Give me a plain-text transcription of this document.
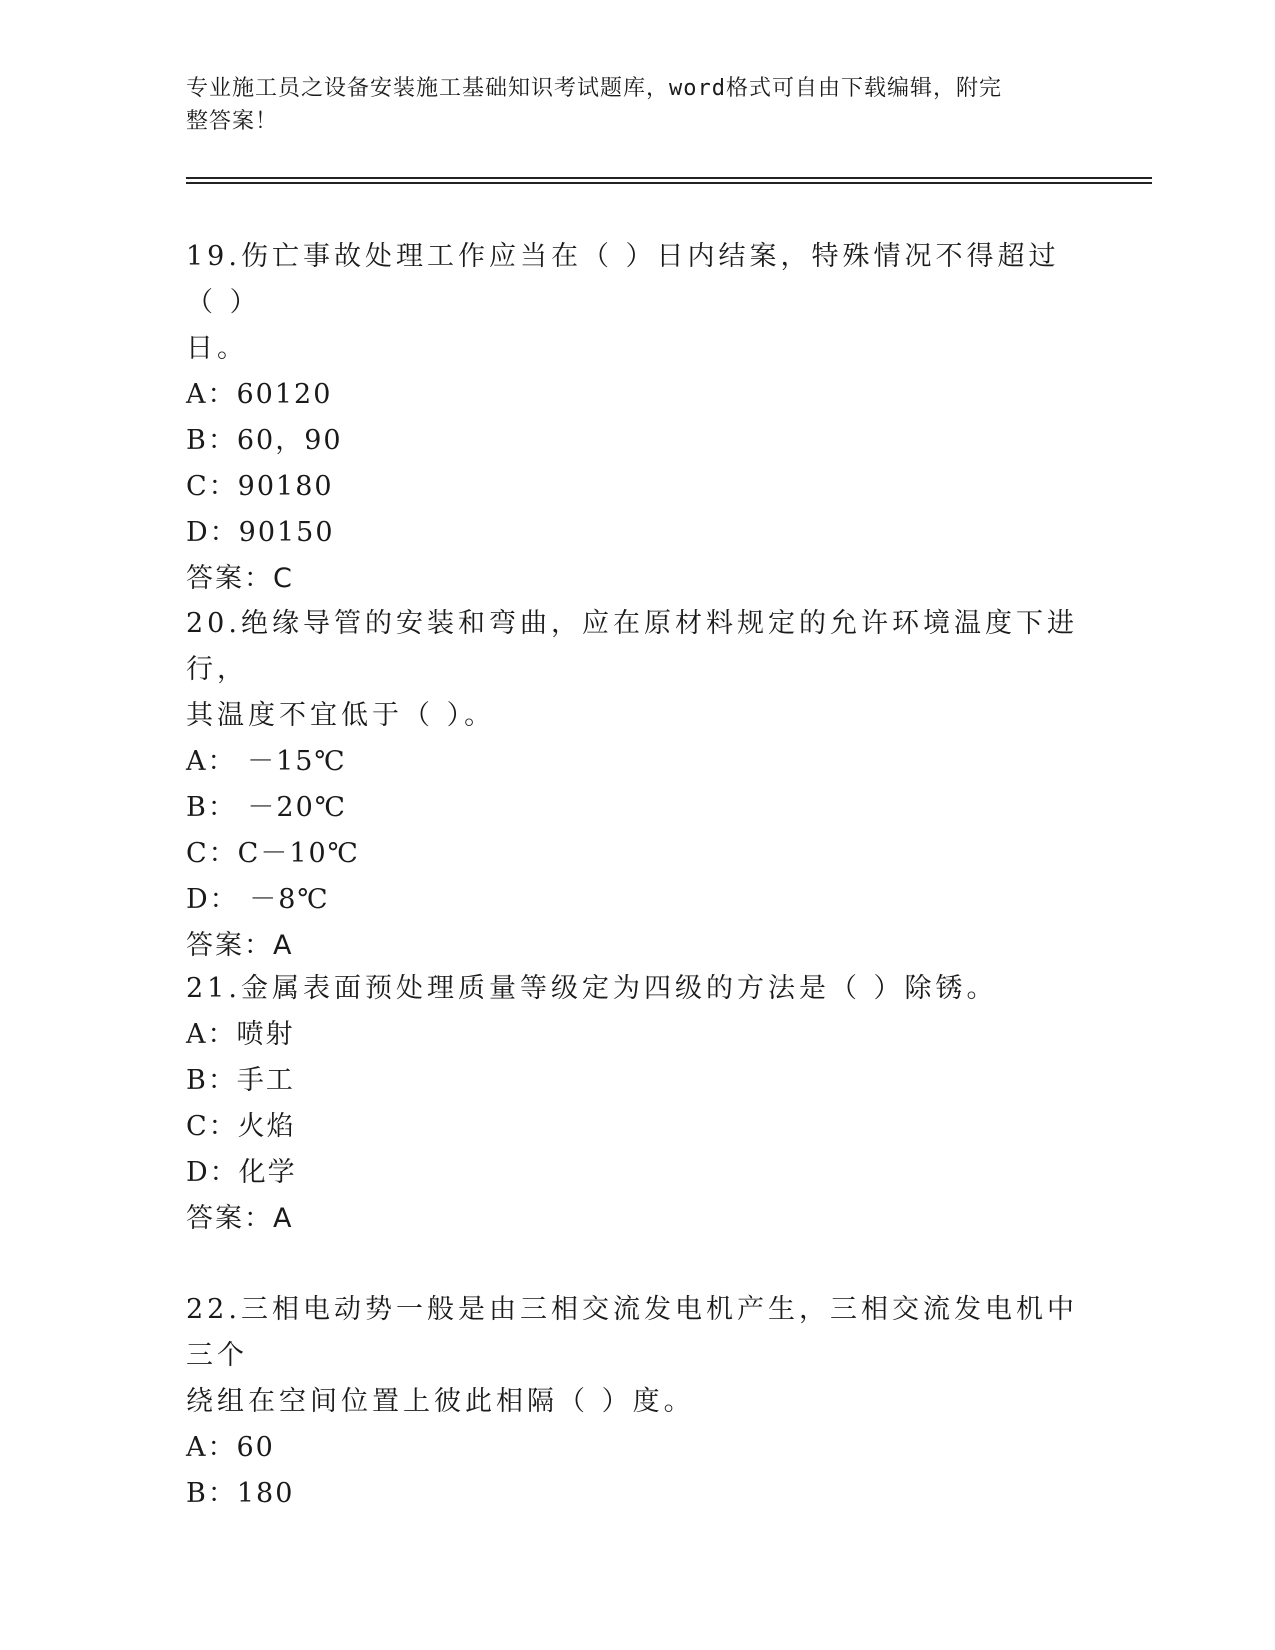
专业施工员之设备安装施工基础知识考试题库，word格式可自由下载编辑，附完
整答案！

19.伤亡事故处理工作应当在（ ）日内结案，特殊情况不得超过（ ）

日。

A：60120

B：60，90

C：90180

D：90150

答案：C

20.绝缘导管的安装和弯曲，应在原材料规定的允许环境温度下进行，

其温度不宜低于（ ）。

A： －15℃

B： －20℃

C：C－10℃

D： －8℃

答案：A

21.金属表面预处理质量等级定为四级的方法是（ ）除锈。

A：喷射

B：手工

C：火焰

D：化学

答案：A

22.三相电动势一般是由三相交流发电机产生，三相交流发电机中三个

绕组在空间位置上彼此相隔（ ）度。

A：60

B：180
